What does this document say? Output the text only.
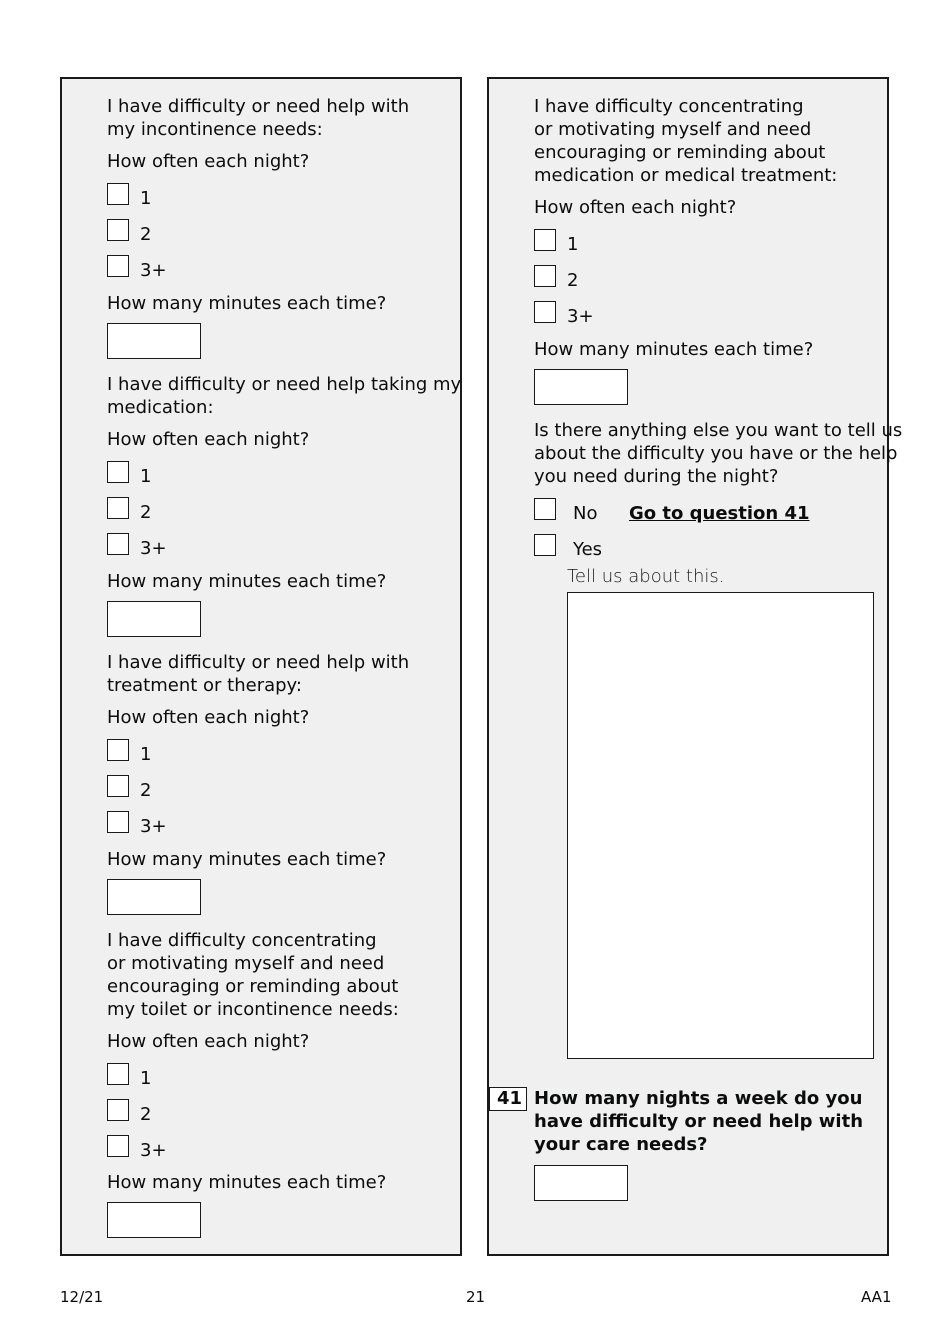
I have difficulty or need help with
my incontinence needs:
How often each night?
1
2
3+
How many minutes each time?
I have difficulty or need help taking my
medication:
How often each night?
1
2
3+
How many minutes each time?
I have difficulty or need help with
treatment or therapy:
How often each night?
1
2
3+
How many minutes each time?
I have difficulty concentrating
or motivating myself and need
encouraging or reminding about
my toilet or incontinence needs:
How often each night?
1
2
3+
How many minutes each time?
I have difficulty concentrating
or motivating myself and need
encouraging or reminding about
medication or medical treatment:
How often each night?
1
2
3+
How many minutes each time?
Is there anything else you want to tell us
about the difficulty you have or the help
you need during the night?
No Go to question 41
Yes
Tell us about this.
41 How many nights a week do you
have difficulty or need help with
your care needs?
12/21	21	AA1
